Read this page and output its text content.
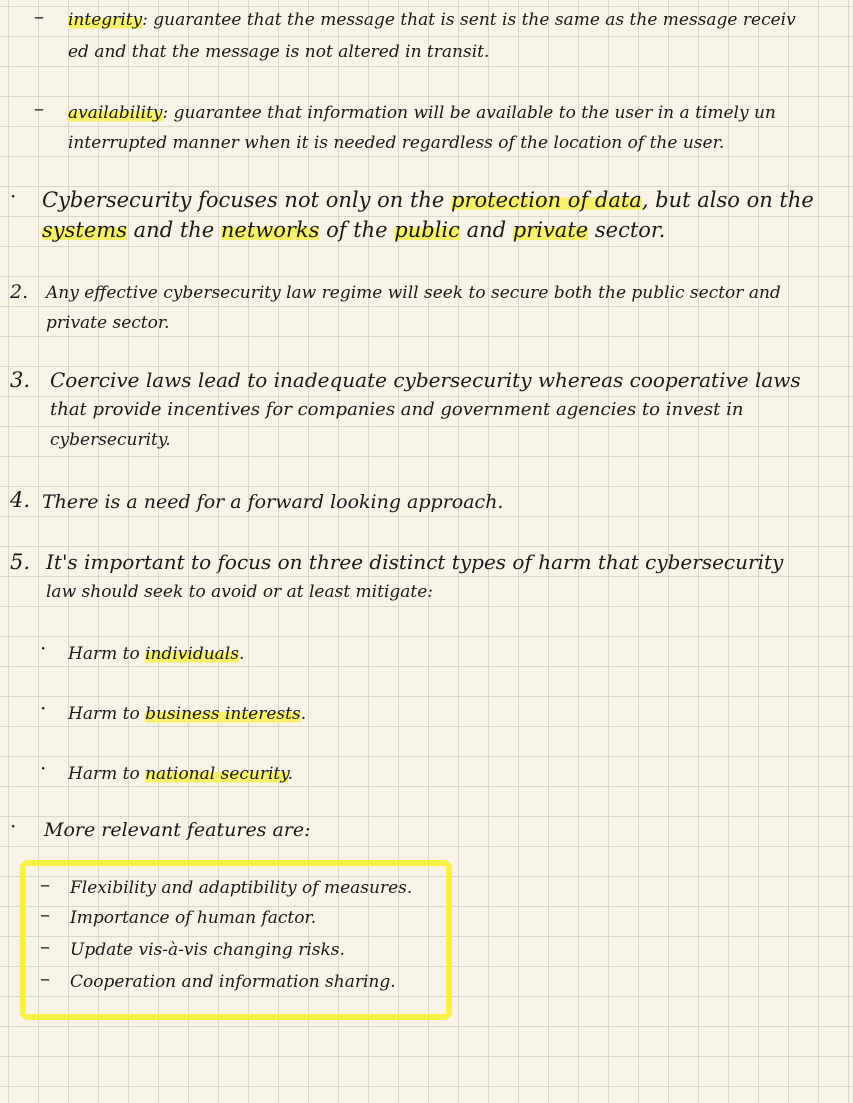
– integrity: guarantee that the message that is sent is the same as the message receiv
ed and that the message is not altered in transit.
– availability: guarantee that information will be available to the user in a timely un
interrupted manner when it is needed regardless of the location of the user.
· Cybersecurity focuses not only on the protection of data, but also on the
systems and the networks of the public and private sector.
2. Any effective cybersecurity law regime will seek to secure both the public sector and
private sector.
3. Coercive laws lead to inadequate cybersecurity whereas cooperative laws
that provide incentives for companies and government agencies to invest in
cybersecurity.
4. There is a need for a forward looking approach.
5. It's important to focus on three distinct types of harm that cybersecurity
law should seek to avoid or at least mitigate:
· Harm to individuals.
· Harm to business interests.
· Harm to national security.
· More relevant features are:
– Flexibility and adaptibility of measures.
– Importance of human factor.
– Update vis-à-vis changing risks.
– Cooperation and information sharing.
